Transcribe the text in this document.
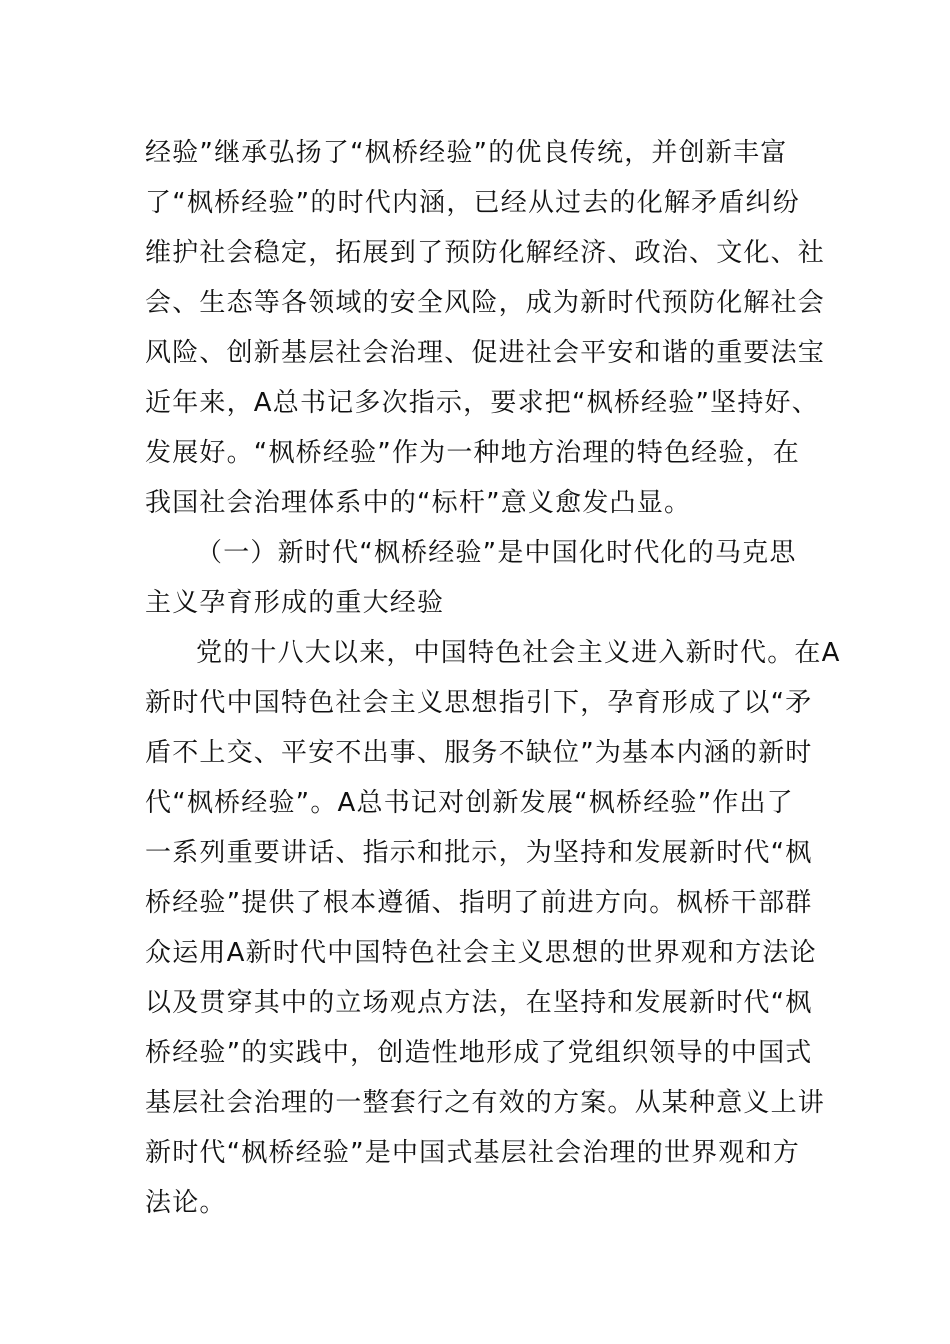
经验”继承弘扬了“枫桥经验”的优良传统，并创新丰富
了“枫桥经验”的时代内涵，已经从过去的化解矛盾纠纷
维护社会稳定，拓展到了预防化解经济、政治、文化、社
会、生态等各领域的安全风险，成为新时代预防化解社会
风险、创新基层社会治理、促进社会平安和谐的重要法宝
近年来，A总书记多次指示，要求把“枫桥经验”坚持好、
发展好。“枫桥经验”作为一种地方治理的特色经验，在
我国社会治理体系中的“标杆”意义愈发凸显。
（一）新时代“枫桥经验”是中国化时代化的马克思
主义孕育形成的重大经验
党的十八大以来，中国特色社会主义进入新时代。在A
新时代中国特色社会主义思想指引下，孕育形成了以“矛
盾不上交、平安不出事、服务不缺位”为基本内涵的新时
代“枫桥经验”。A总书记对创新发展“枫桥经验”作出了
一系列重要讲话、指示和批示，为坚持和发展新时代“枫
桥经验”提供了根本遵循、指明了前进方向。枫桥干部群
众运用A新时代中国特色社会主义思想的世界观和方法论
以及贯穿其中的立场观点方法，在坚持和发展新时代“枫
桥经验”的实践中，创造性地形成了党组织领导的中国式
基层社会治理的一整套行之有效的方案。从某种意义上讲
新时代“枫桥经验”是中国式基层社会治理的世界观和方
法论。
